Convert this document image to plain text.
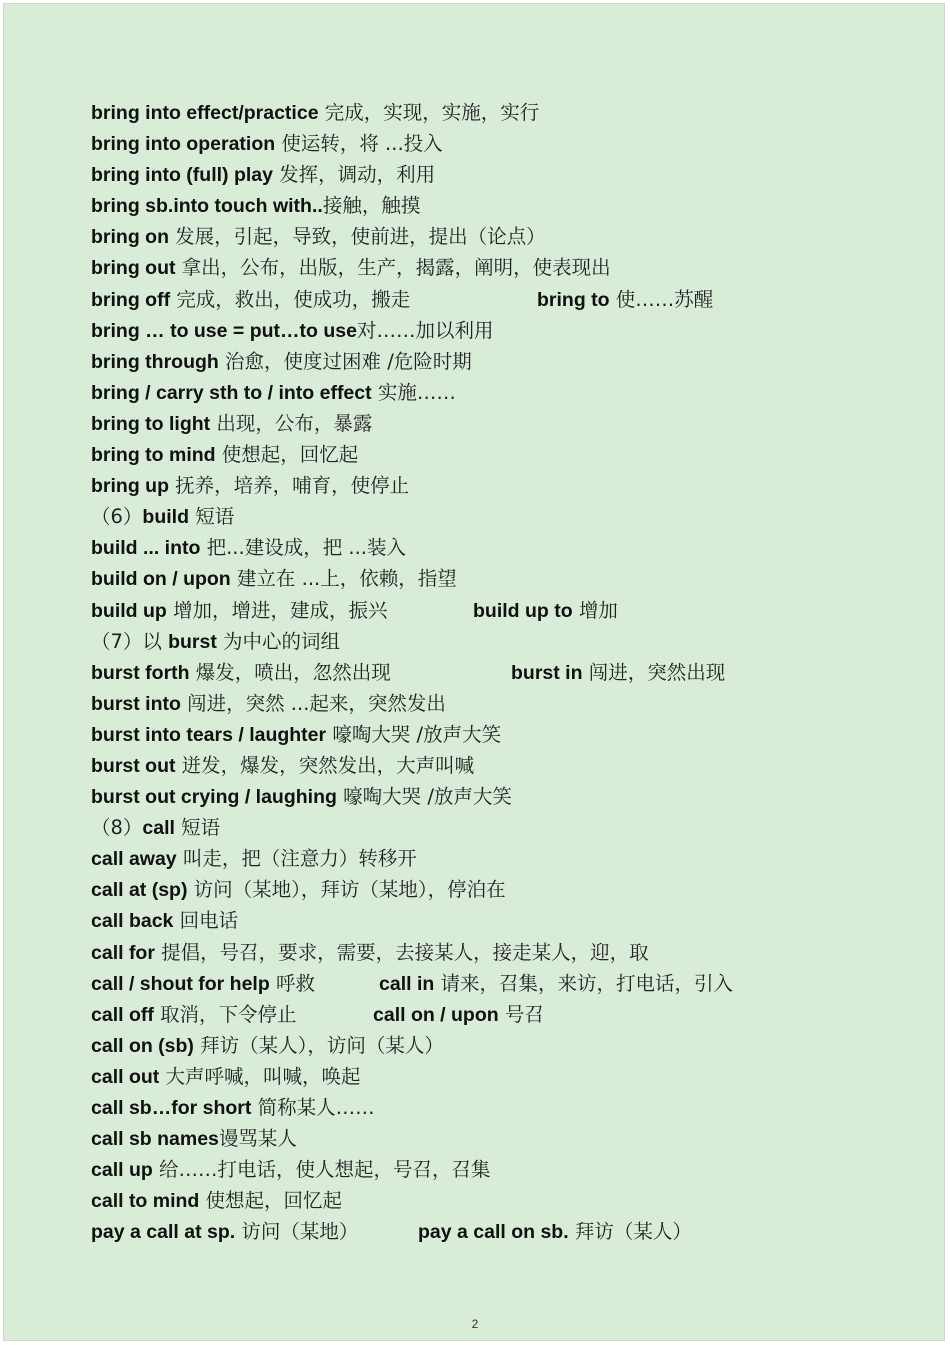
bring into effect/practice 完成，实现，实施，实行
bring into operation 使运转，将 ...投入
bring into (full) play 发挥，调动，利用
bring sb.into touch with..接触，触摸
bring on 发展，引起，导致，使前进，提出（论点）
bring out 拿出，公布，出版，生产，揭露，阐明，使表现出
bring off 完成，救出，使成功，搬走	bring to 使……苏醒
bring … to use = put…to use对……加以利用
bring through 治愈，使度过困难 /危险时期
bring / carry sth to / into effect 实施……
bring to light 出现，公布，暴露
bring to mind 使想起，回忆起
bring up 抚养，培养，哺育，使停止
（6）build 短语
build ... into 把...建设成，把 ...装入
build on / upon 建立在 ...上，依赖，指望
build up 增加，增进，建成，振兴	build up to 增加
（7）以 burst 为中心的词组
burst forth 爆发，喷出，忽然出现	burst in 闯进，突然出现
burst into 闯进，突然 ...起来，突然发出
burst into tears / laughter 嚎啕大哭 /放声大笑
burst out 迸发，爆发，突然发出，大声叫喊
burst out crying / laughing 嚎啕大哭 /放声大笑
（8）call 短语
call away 叫走，把（注意力）转移开
call at (sp) 访问（某地），拜访（某地），停泊在
call back 回电话
call for 提倡，号召，要求，需要，去接某人，接走某人，迎，取
call / shout for help 呼救	call in 请来，召集，来访，打电话，引入
call off 取消，下令停止	call on / upon 号召
call on (sb) 拜访（某人），访问（某人）
call out 大声呼喊，叫喊，唤起
call sb…for short 简称某人……
call sb names谩骂某人
call up 给……打电话，使人想起，号召，召集
call to mind 使想起，回忆起
pay a call at sp. 访问（某地）	pay a call on sb. 拜访（某人）
2
